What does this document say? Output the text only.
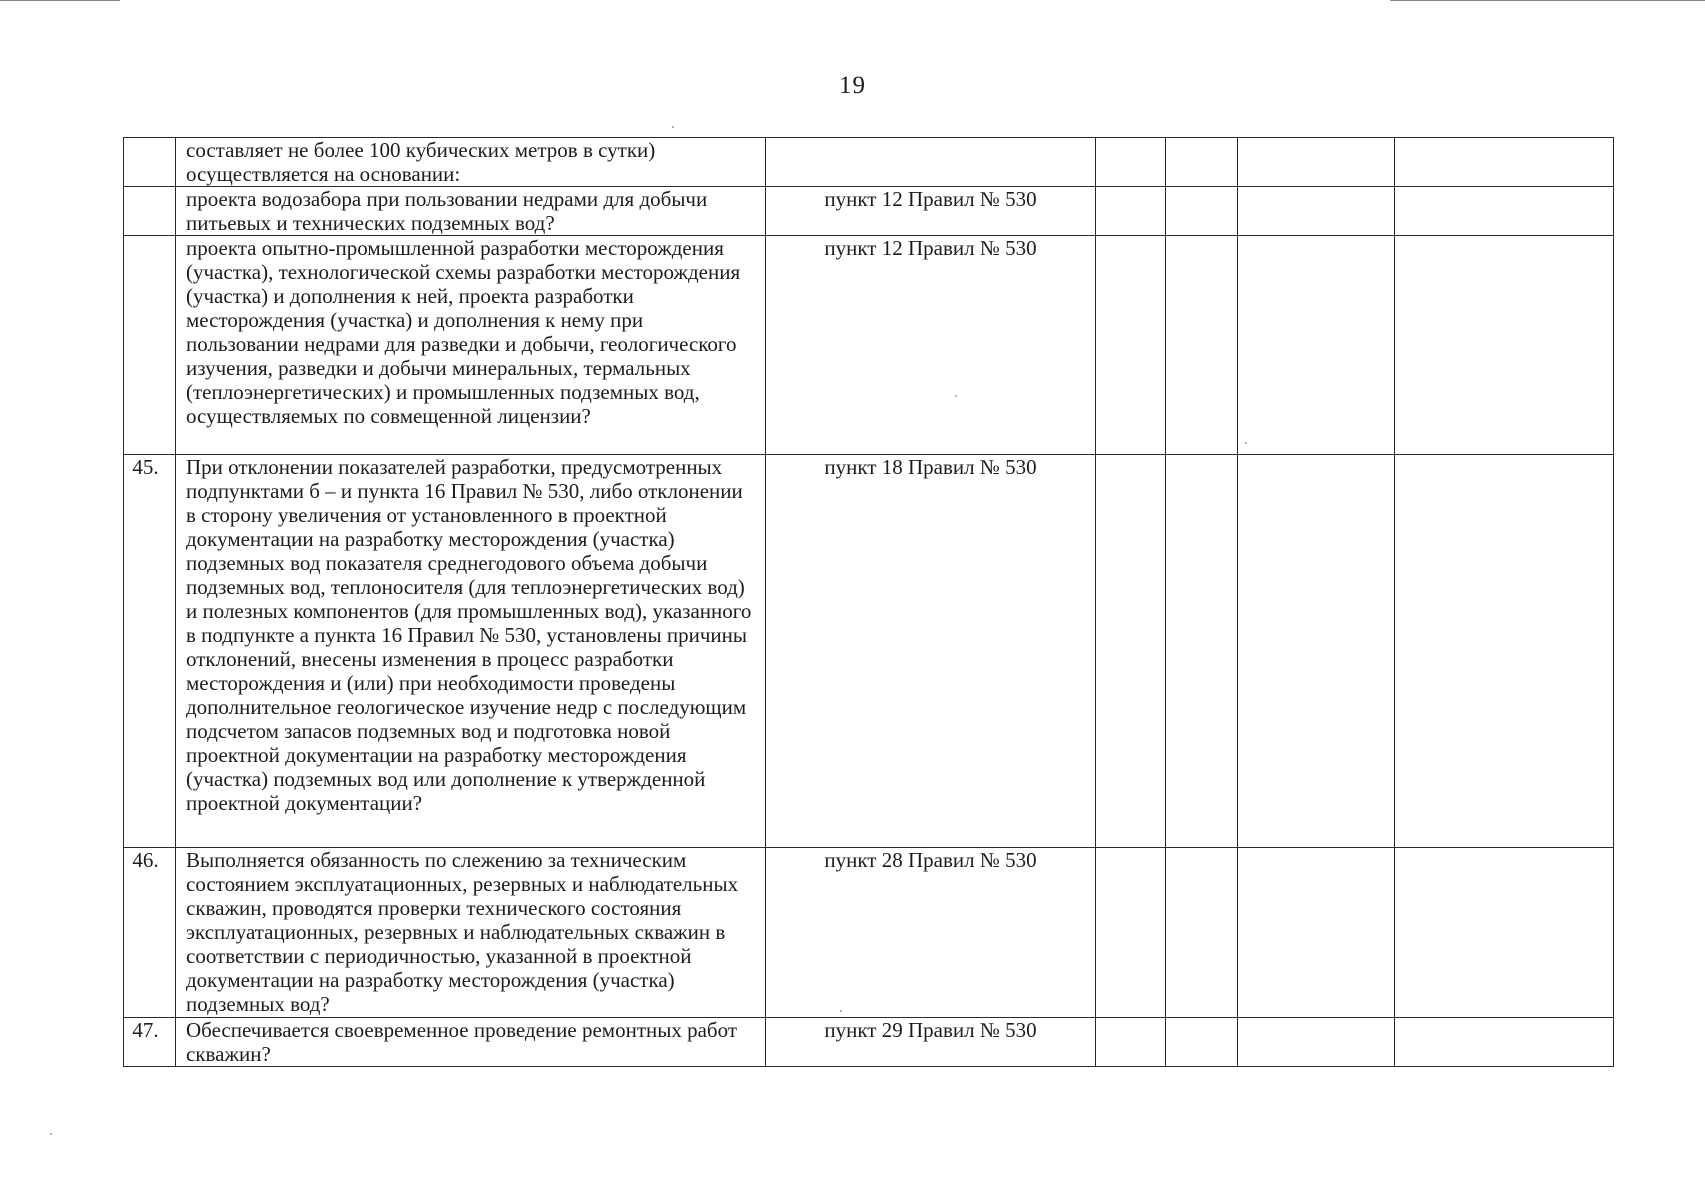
19
	составляет не более 100 кубических метров в сутки) осуществляется на основании:					
	проекта водозабора при пользовании недрами для добычи питьевых и технических подземных вод?	пункт 12 Правил № 530				
	проекта опытно-промышленной разработки месторождения (участка), технологической схемы разработки месторождения (участка) и дополнения к ней, проекта разработки месторождения (участка) и дополнения к нему при пользовании недрами для разведки и добычи, геологического изучения, разведки и добычи минеральных, термальных (теплоэнергетических) и промышленных подземных вод, осуществляемых по совмещенной лицензии?	пункт 12 Правил № 530				
45.	При отклонении показателей разработки, предусмотренных подпунктами б – и пункта 16 Правил № 530, либо отклонении в сторону увеличения от установленного в проектной документации на разработку месторождения (участка) подземных вод показателя среднегодового объема добычи подземных вод, теплоносителя (для теплоэнергетических вод) и полезных компонентов (для промышленных вод), указанного в подпункте а пункта 16 Правил № 530, установлены причины отклонений, внесены изменения в процесс разработки месторождения и (или) при необходимости проведены дополнительное геологическое изучение недр с последующим подсчетом запасов подземных вод и подготовка новой проектной документации на разработку месторождения (участка) подземных вод или дополнение к утвержденной проектной документации?	пункт 18 Правил № 530				
46.	Выполняется обязанность по слежению за техническим состоянием эксплуатационных, резервных и наблюдательных скважин, проводятся проверки технического состояния эксплуатационных, резервных и наблюдательных скважин в соответствии с периодичностью, указанной в проектной документации на разработку месторождения (участка) подземных вод?	пункт 28 Правил № 530				
47.	Обеспечивается своевременное проведение ремонтных работ скважин?	пункт 29 Правил № 530				
